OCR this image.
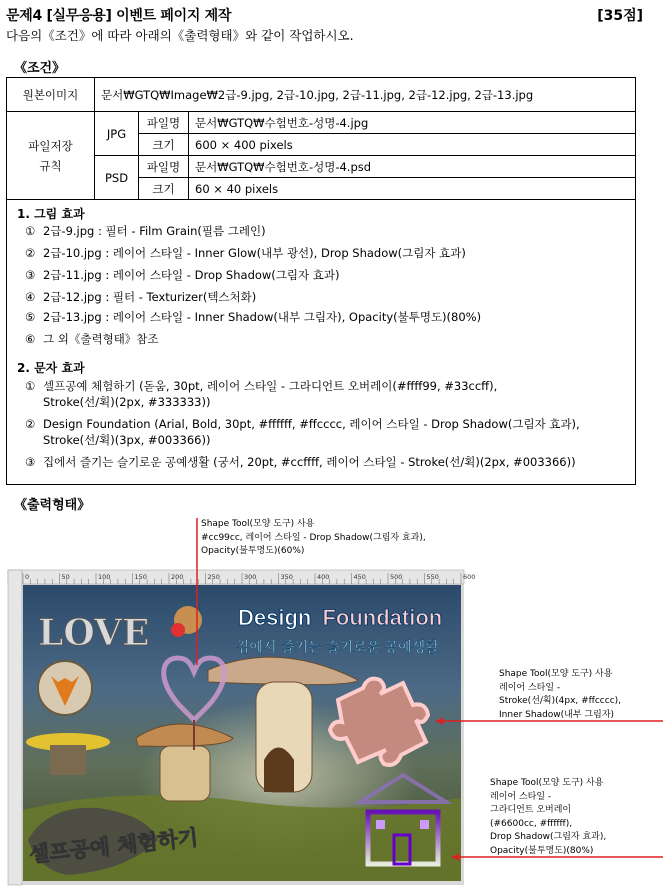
문제4 [실무응용] 이벤트 페이지 제작	[35점]
다음의《조건》에 따라 아래의《출력형태》와 같이 작업하시오.
《조건》
원본이미지	문서₩GTQ₩Image₩2급-9.jpg, 2급-10.jpg, 2급-11.jpg, 2급-12.jpg, 2급-13.jpg		

파일저장
규칙	JPG	파일명	문서₩GTQ₩수험번호-성명-4.jpg
		크기	600 × 400 pixels
	PSD	파일명	문서₩GTQ₩수험번호-성명-4.psd
		크기	60 × 40 pixels
1. 그림 효과
① 2급-9.jpg : 필터 - Film Grain(필름 그레인)
② 2급-10.jpg : 레이어 스타일 - Inner Glow(내부 광선), Drop Shadow(그림자 효과)
③ 2급-11.jpg : 레이어 스타일 - Drop Shadow(그림자 효과)
④ 2급-12.jpg : 필터 - Texturizer(텍스처화)
⑤ 2급-13.jpg : 레이어 스타일 - Inner Shadow(내부 그림자), Opacity(불투명도)(80%)
⑥ 그 외《출력형태》참조
2. 문자 효과
① 셀프공예 체험하기 (돋움, 30pt, 레이어 스타일 - 그라디언트 오버레이(#ffff99, #33ccff),
Stroke(선/획)(2px, #333333))
② Design Foundation (Arial, Bold, 30pt, #ffffff, #ffcccc, 레이어 스타일 - Drop Shadow(그림자 효과),
Stroke(선/획)(3px, #003366))
③ 집에서 즐기는 슬기로운 공예생활 (궁서, 20pt, #ccffff, 레이어 스타일 - Stroke(선/획)(2px, #003366))
《출력형태》
Shape Tool(모양 도구) 사용
#cc99cc, 레이어 스타일 - Drop Shadow(그림자 효과),
Opacity(불투명도)(60%)
0	50	100	150	200	250	300	350	400	450	500	550	600
LOVE	Design Foundation
집에서 즐기는 슬기로운 공예생활
셀프공예 체험하기
Shape Tool(모양 도구) 사용
레이어 스타일 -
Stroke(선/획)(4px, #ffcccc),
Inner Shadow(내부 그림자)
Shape Tool(모양 도구) 사용
레이어 스타일 -
그라디언트 오버레이
(#6600cc, #ffffff),
Drop Shadow(그림자 효과),
Opacity(불투명도)(80%)
